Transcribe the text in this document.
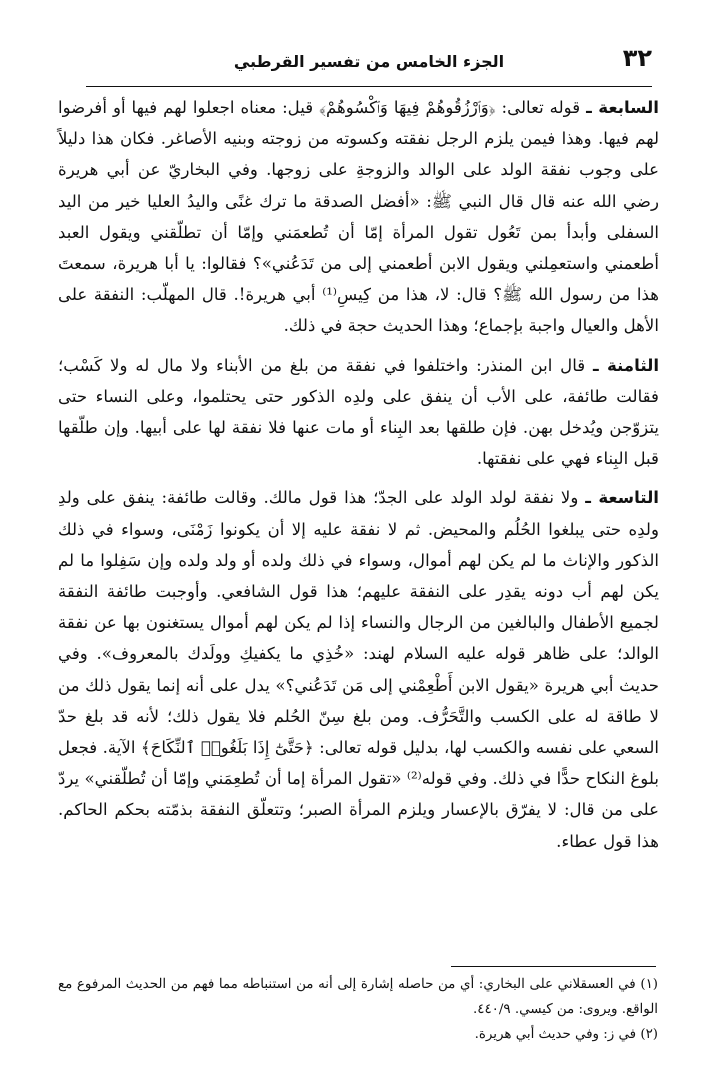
٣٢
الجزء الخامس من تفسير القرطبي

السابعة ـ قوله تعالى: ﴿وَٱرْزُقُوهُمْ فِيهَا وَٱكْسُوهُمْ﴾ قيل: معناه اجعلوا لهم فيها أو أفرضوا لهم فيها. وهذا فيمن يلزم الرجل نفقته وكسوته من زوجته وبنيه الأصاغر. فكان هذا دليلاً على وجوب نفقة الولد على الوالد والزوجةِ على زوجها. وفي البخاريّ عن أبي هريرة رضي الله عنه قال قال النبي ﷺ: «أفضل الصدقة ما ترك غنًى واليدُ العليا خير من اليد السفلى وأبدأ بمن تَعُول تقول المرأة إمّا أن تُطعمَني وإمّا أن تطلّقني ويقول العبد أطعمني واستعمِلني ويقول الابن أطعمني إلى من تَدَعُني»؟ فقالوا: يا أبا هريرة، سمعتَ هذا من رسول الله ﷺ؟ قال: لا، هذا من كِيسِ⁽¹⁾ أبي هريرة!. قال المهلّب: النفقة على الأهل والعيال واجبة بإجماع؛ وهذا الحديث حجة في ذلك.

الثامنة ـ قال ابن المنذر: واختلفوا في نفقة من بلغ من الأبناء ولا مال له ولا كَسْب؛ فقالت طائفة، على الأب أن ينفق على ولدِه الذكور حتى يحتلموا، وعلى النساء حتى يتزوّجن ويُدخل بهن. فإن طلقها بعد البِناء أو مات عنها فلا نفقة لها على أبيها. وإن طلّقها قبل البِناء فهي على نفقتها.

التاسعة ـ ولا نفقة لولد الولد على الجدّ؛ هذا قول مالك. وقالت طائفة: ينفق على ولدِ ولدِه حتى يبلغوا الحُلُم والمحيض. ثم لا نفقة عليه إلا أن يكونوا زَمْنَى، وسواء في ذلك الذكور والإناث ما لم يكن لهم أموال، وسواء في ذلك ولده أو ولد ولده وإن سَفِلوا ما لم يكن لهم أب دونه يقدِر على النفقة عليهم؛ هذا قول الشافعي. وأوجبت طائفة النفقة لجميع الأطفال والبالغين من الرجال والنساء إذا لم يكن لهم أموال يستغنون بها عن نفقة الوالد؛ على ظاهر قوله عليه السلام لهند: «خُذِي ما يكفيكِ وولَدك بالمعروف». وفي حديث أبي هريرة «يقول الابن أَطْعِمْني إلى مَن تَدَعُني؟» يدل على أنه إنما يقول ذلك من لا طاقة له على الكسب والتَّحَرُّف. ومن بلغ سِنّ الحُلم فلا يقول ذلك؛ لأنه قد بلغ حدّ السعي على نفسه والكسب لها، بدليل قوله تعالى: ﴿حَتَّىٰٓ إِذَا بَلَغُوا۟ ٱلنِّكَاحَ﴾ الآية. فجعل بلوغ النكاح حدًّا في ذلك. وفي قوله⁽²⁾ «تقول المرأة إما أن تُطعِمَني وإمّا أن تُطلّقني» يردّ على من قال: لا يفرّق بالإعسار ويلزم المرأة الصبر؛ وتتعلّق النفقة بذمّته بحكم الحاكم. هذا قول عطاء.

(١) في العسقلاني على البخاري: أي من حاصله إشارة إلى أنه من استنباطه مما فهم من الحديث المرفوع مع الواقع. ويروى: من كيسي. ٤٤٠/٩.

(٢) في ز: وفي حديث أبي هريرة.
